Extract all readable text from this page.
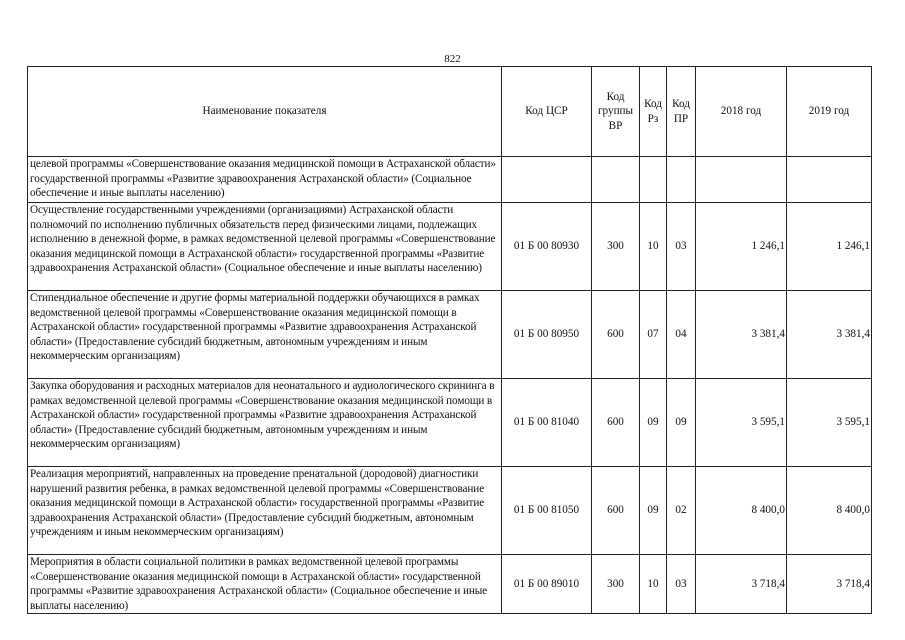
822
Наименование показателя	Код ЦСР	Код группы ВР	Код Рз	Код ПР	2018 год	2019 год
целевой программы «Совершенствование оказания медицинской помощи в Астраханской области» государственной программы «Развитие здравоохранения Астраханской области» (Социальное обеспечение и иные выплаты населению)						
Осуществление государственными учреждениями (организациями) Астраханской области полномочий по исполнению публичных обязательств перед физическими лицами, подлежащих исполнению в денежной форме, в рамках ведомственной целевой программы «Совершенствование оказания медицинской помощи в Астраханской области» государственной программы «Развитие здравоохранения Астраханской области» (Социальное обеспечение и иные выплаты населению)	01 Б 00 80930	300	10	03	1 246,1	1 246,1
Стипендиальное обеспечение и другие формы материальной поддержки обучающихся в рамках ведомственной целевой программы «Совершенствование оказания медицинской помощи в Астраханской области» государственной программы «Развитие здравоохранения Астраханской области» (Предоставление субсидий бюджетным, автономным учреждениям и иным некоммерческим организациям)	01 Б 00 80950	600	07	04	3 381,4	3 381,4
Закупка оборудования и расходных материалов для неонатального и аудиологического скрининга в рамках ведомственной целевой программы «Совершенствование оказания медицинской помощи в Астраханской области» государственной программы «Развитие здравоохранения Астраханской области» (Предоставление субсидий бюджетным, автономным учреждениям и иным некоммерческим организациям)	01 Б 00 81040	600	09	09	3 595,1	3 595,1
Реализация мероприятий, направленных на проведение пренатальной (дородовой) диагностики нарушений развития ребенка, в рамках ведомственной целевой программы «Совершенствование оказания медицинской помощи в Астраханской области» государственной программы «Развитие здравоохранения Астраханской области» (Предоставление субсидий бюджетным, автономным учреждениям и иным некоммерческим организациям)	01 Б 00 81050	600	09	02	8 400,0	8 400,0
Мероприятия в области социальной политики в рамках ведомственной целевой программы «Совершенствование оказания медицинской помощи в Астраханской области» государственной программы «Развитие здравоохранения Астраханской области» (Социальное обеспечение и иные выплаты населению)	01 Б 00 89010	300	10	03	3 718,4	3 718,4
